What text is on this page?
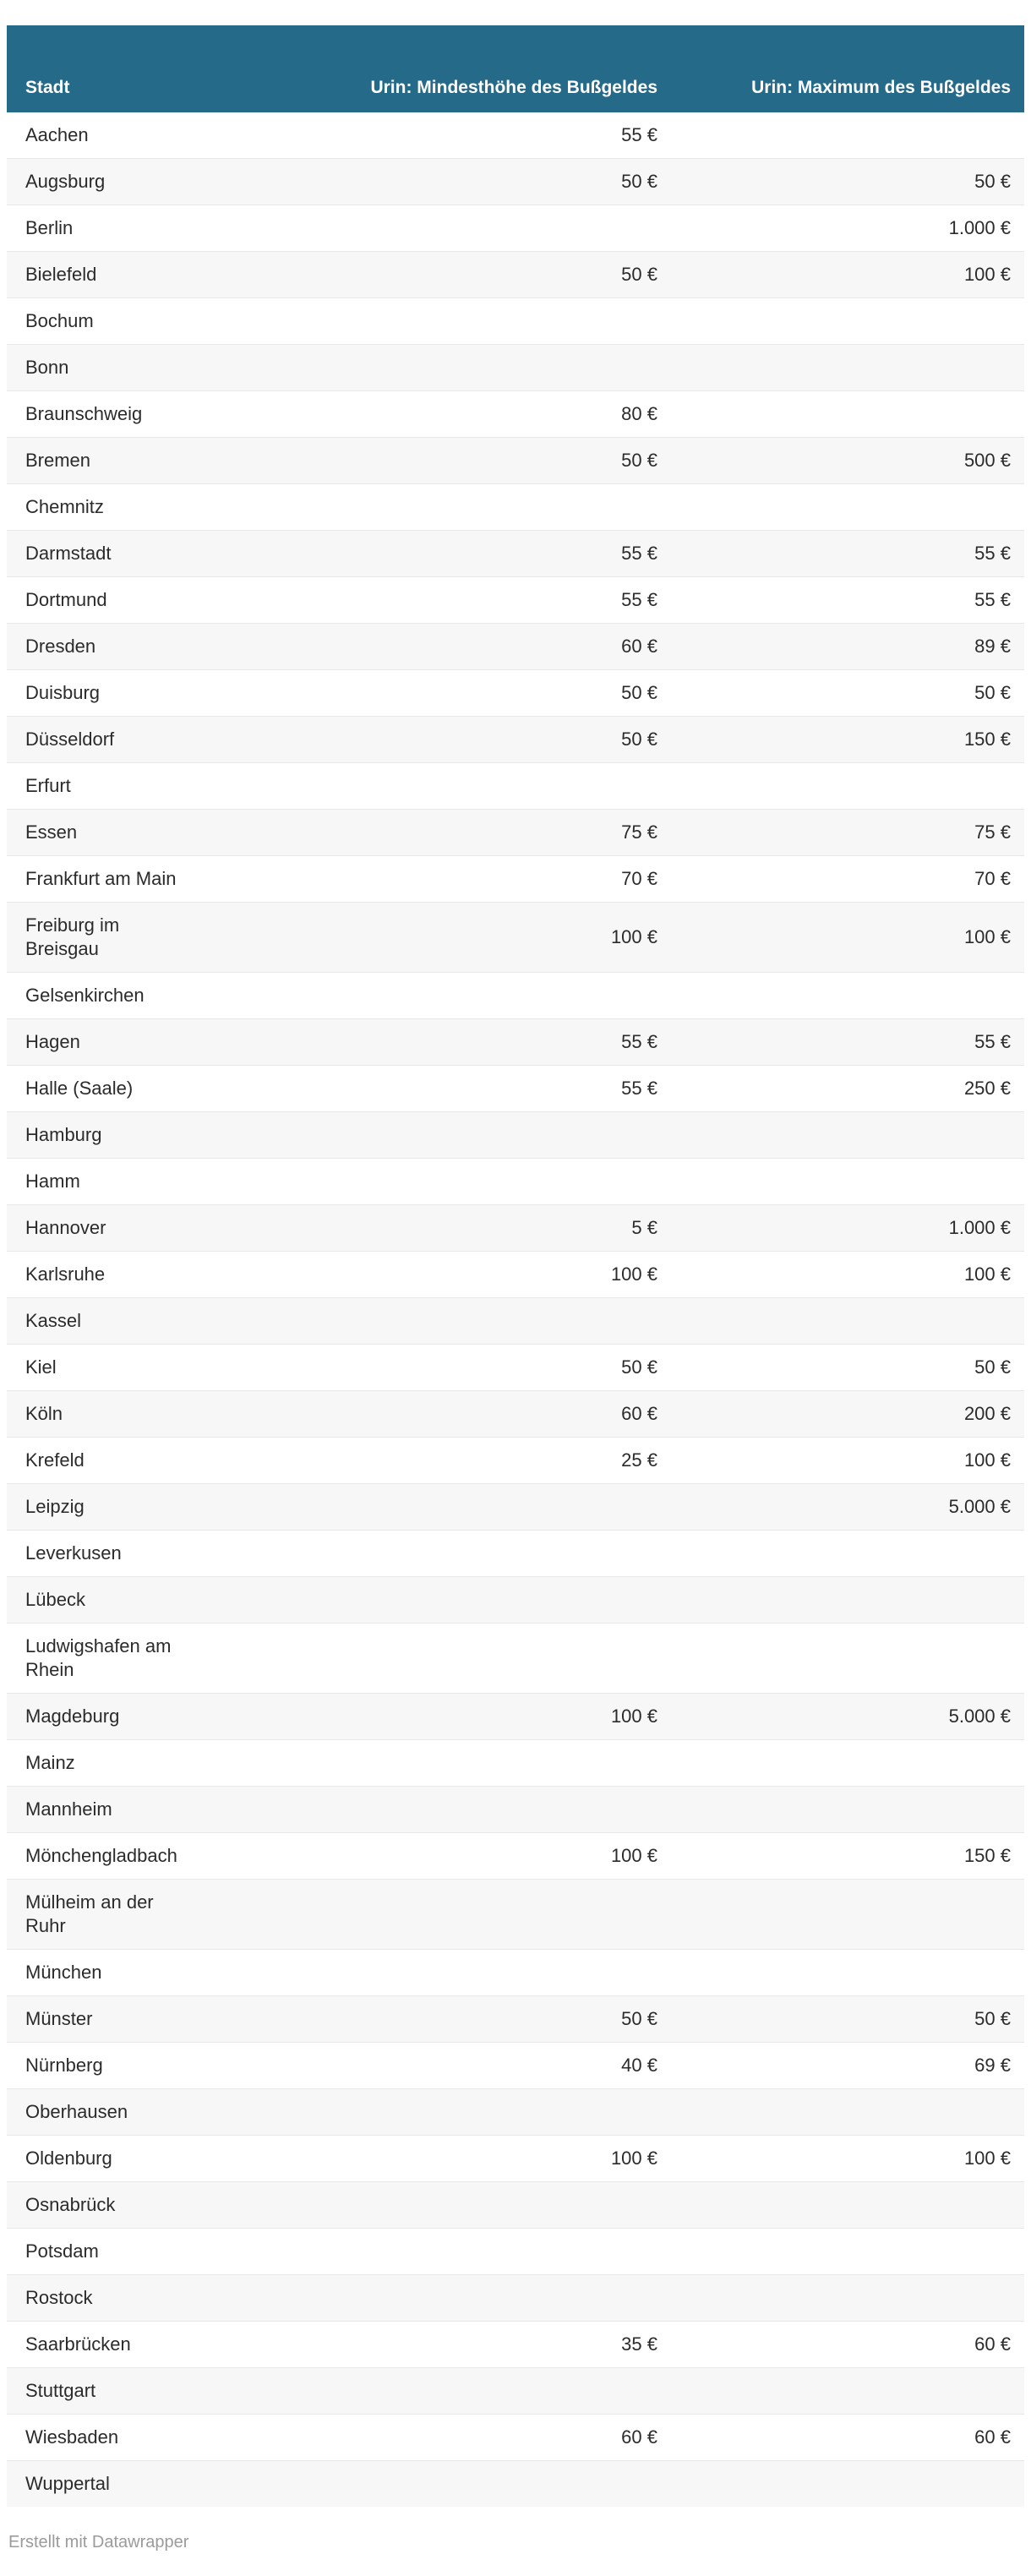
Stadt	Urin: Mindesthöhe des Bußgeldes	Urin: Maximum des Bußgeldes
Aachen	55 €	
Augsburg	50 €	50 €
Berlin		1.000 €
Bielefeld	50 €	100 €
Bochum		
Bonn		
Braunschweig	80 €	
Bremen	50 €	500 €
Chemnitz		
Darmstadt	55 €	55 €
Dortmund	55 €	55 €
Dresden	60 €	89 €
Duisburg	50 €	50 €
Düsseldorf	50 €	150 €
Erfurt		
Essen	75 €	75 €
Frankfurt am Main	70 €	70 €
Freiburg im Breisgau	100 €	100 €
Gelsenkirchen		
Hagen	55 €	55 €
Halle (Saale)	55 €	250 €
Hamburg		
Hamm		
Hannover	5 €	1.000 €
Karlsruhe	100 €	100 €
Kassel		
Kiel	50 €	50 €
Köln	60 €	200 €
Krefeld	25 €	100 €
Leipzig		5.000 €
Leverkusen		
Lübeck		
Ludwigshafen am Rhein		
Magdeburg	100 €	5.000 €
Mainz		
Mannheim		
Mönchengladbach	100 €	150 €
Mülheim an der Ruhr		
München		
Münster	50 €	50 €
Nürnberg	40 €	69 €
Oberhausen		
Oldenburg	100 €	100 €
Osnabrück		
Potsdam		
Rostock		
Saarbrücken	35 €	60 €
Stuttgart		
Wiesbaden	60 €	60 €
Wuppertal		
Erstellt mit Datawrapper
